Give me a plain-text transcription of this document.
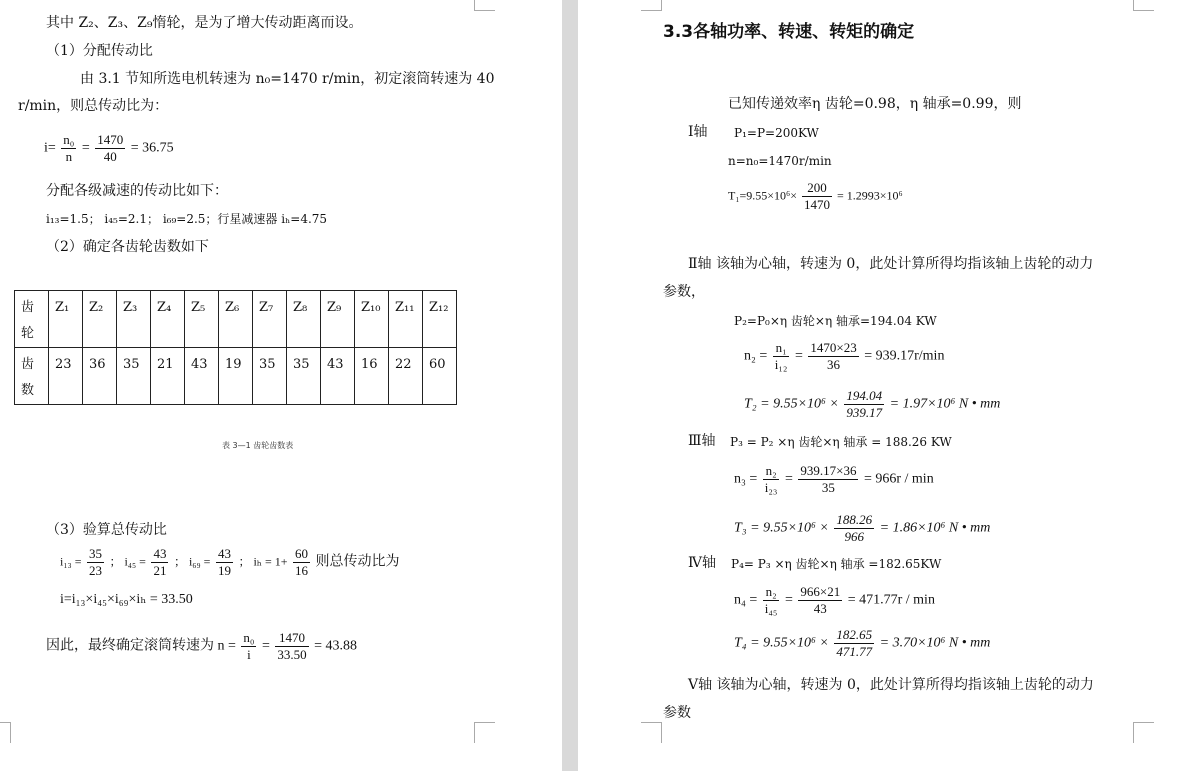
其中 Z₂、Z₃、Z₉惰轮，是为了增大传动距离而设。
（1）分配传动比
由 3.1 节知所选电机转速为 n₀=1470 r/min，初定滚筒转速为 40
r/min，则总传动比为：
$i= \frac{\text{n₀}}{n} = \frac{1470}{40} = 36.75$
分配各级减速的传动比如下：
i₁₃=1.5； i₄₅=2.1； i₆₉=2.5；行星减速器 iₕ=4.75
（2）确定各齿轮齿数如下
齿
轮	Z₁	Z₂	Z₃	Z₄	Z₅	Z₆	Z₇	Z₈	Z₉	Z₁₀	Z₁₁	Z₁₂
齿
数	23	36	35	21	43	19	35	35	43	16	22	60
表 3—1 齿轮齿数表
（3）验算总传动比
$i_{13} = \frac{35}{23}$ ； $i_{45} = \frac{43}{21}$ ； $i_{69} = \frac{43}{19}$ ； $i_h = 1+ \frac{60}{16}$ 则总传动比为
i=i₁₃×i₄₅×i₆₉×iₕ = 33.50
因此，最终确定滚筒转速为 $n = \frac{\text{n₀}}{i} = \frac{1470}{33.50} = 43.88$
3.3各轴功率、转速、转矩的确定
已知传递效率η 齿轮=0.98，η 轴承=0.99，则
Ⅰ轴 P₁=P=200KW
n=n₀=1470r/min
$T_1=9.55\times 10^6\times \frac{200}{1470} = 1.2993\times 10^6$
Ⅱ轴 该轴为心轴，转速为 0，此处计算所得均指该轴上齿轮的动力
参数，
P₂=P₀×η 齿轮×η 轴承=194.04 KW
$n_2 = \frac{\text{n₁}}{\text{i₁₂}} = \frac{1470\times 23}{36} = 939.17r/\min$
$T_2 = 9.55\times 10^6 \times \frac{194.04}{939.17} = 1.97\times 10^6$ N • mm
Ⅲ轴 P₃ = P₂ ×η 齿轮×η 轴承 = 188.26 KW
$n_3 = \frac{\text{n₂}}{\text{i₂₃}} = \frac{939.17\times 36}{35} = 966r / \min$
$T_3 = 9.55\times 10^6 \times \frac{188.26}{966} = 1.86\times 10^6$ N • mm
Ⅳ轴 P₄= P₃ ×η 齿轮×η 轴承 =182.65KW
$n_4 = \frac{\text{n₂}}{\text{i₄₅}} = \frac{966\times 21}{43} = 471.77r / \min$
$T_4 = 9.55\times 10^6 \times \frac{182.65}{471.77} = 3.70\times 10^6$ N • mm
Ⅴ轴 该轴为心轴，转速为 0，此处计算所得均指该轴上齿轮的动力
参数
